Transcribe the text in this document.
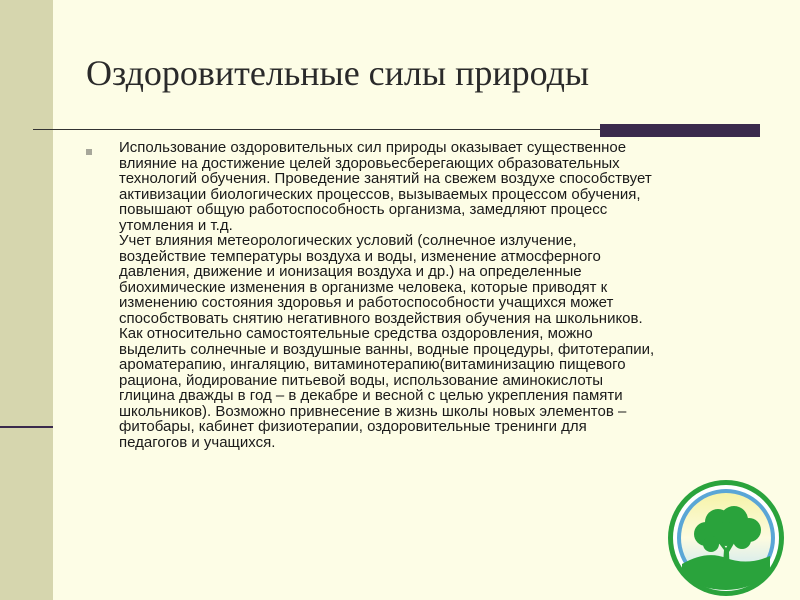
Оздоровительные силы природы

Использование оздоровительных сил природы оказывает существенное
влияние на достижение целей здоровьесберегающих образовательных
технологий обучения. Проведение занятий на свежем воздухе способствует
активизации биологических процессов, вызываемых процессом обучения,
повышают общую работоспособность организма, замедляют процесс
утомления и т.д.
Учет влияния метеорологических условий (солнечное излучение,
воздействие температуры воздуха и воды, изменение атмосферного
давления, движение и ионизация воздуха и др.) на определенные
биохимические изменения в организме человека, которые приводят к
изменению состояния здоровья и работоспособности учащихся может
способствовать снятию негативного воздействия обучения на школьников.
Как относительно самостоятельные средства оздоровления, можно
выделить солнечные и воздушные ванны, водные процедуры, фитотерапии,
ароматерапию, ингаляцию, витаминотерапию(витаминизацию пищевого
рациона, йодирование питьевой воды, использование аминокислоты
глицина дважды в год – в декабре и весной с целью укрепления памяти
школьников). Возможно привнесение в жизнь школы новых элементов –
фитобары, кабинет физиотерапии, оздоровительные тренинги для
педагогов и учащихся.
